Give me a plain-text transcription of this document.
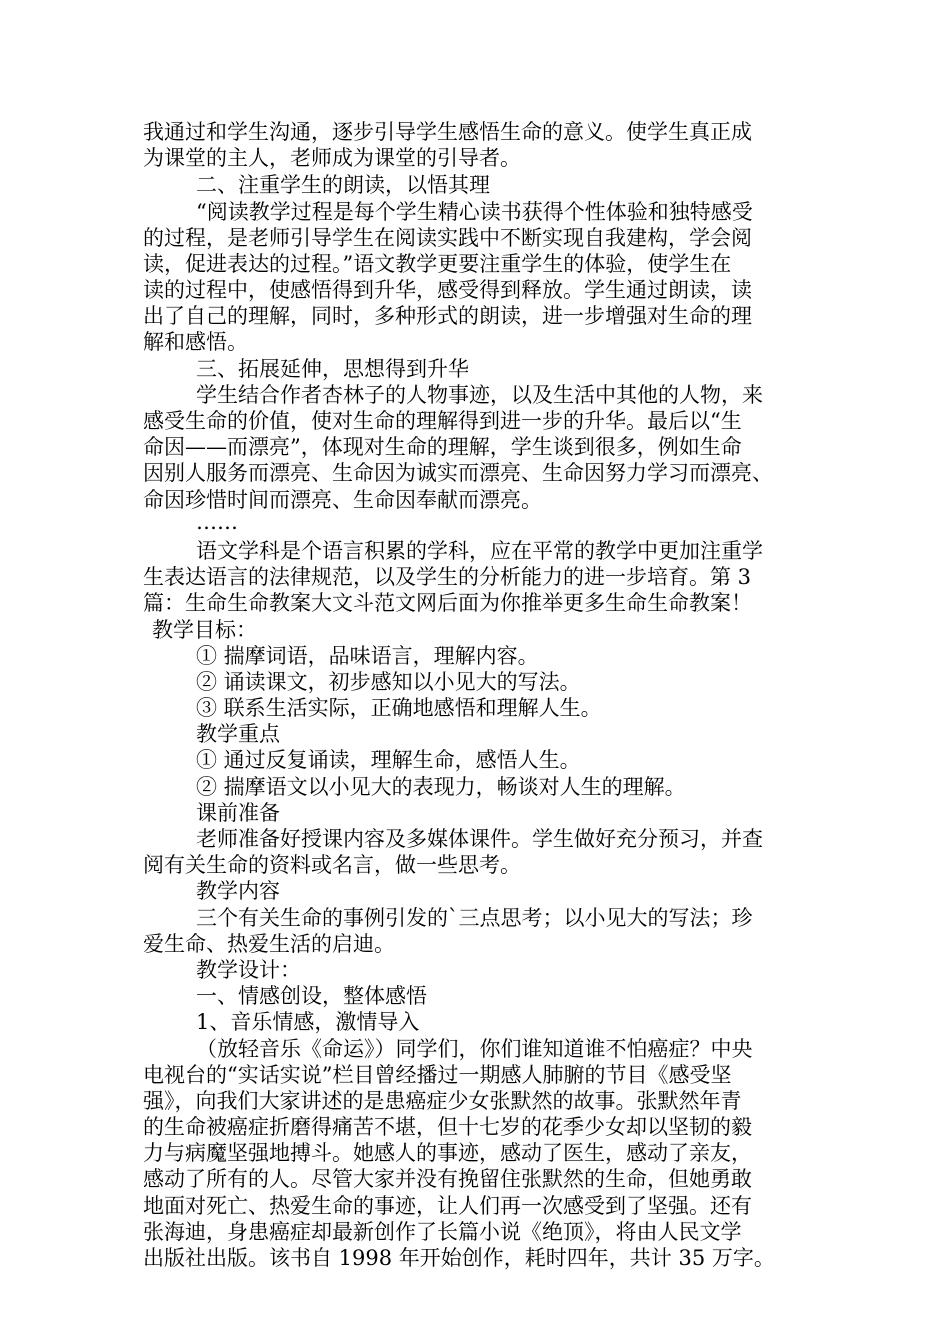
我通过和学生沟通，逐步引导学生感悟生命的意义。使学生真正成
为课堂的主人，老师成为课堂的引导者。
二、注重学生的朗读，以悟其理
“阅读教学过程是每个学生精心读书获得个性体验和独特感受
的过程，是老师引导学生在阅读实践中不断实现自我建构，学会阅
读，促进表达的过程。”语文教学更要注重学生的体验，使学生在
读的过程中，使感悟得到升华，感受得到释放。学生通过朗读，读
出了自己的理解，同时，多种形式的朗读，进一步增强对生命的理
解和感悟。
三、拓展延伸，思想得到升华
学生结合作者杏林子的人物事迹，以及生活中其他的人物，来
感受生命的价值，使对生命的理解得到进一步的升华。最后以“生
命因——而漂亮”，体现对生命的理解，学生谈到很多，例如生命
因别人服务而漂亮、生命因为诚实而漂亮、生命因努力学习而漂亮、
命因珍惜时间而漂亮、生命因奉献而漂亮。
……
语文学科是个语言积累的学科，应在平常的教学中更加注重学
生表达语言的法律规范，以及学生的分析能力的进一步培育。第 3
篇：生命生命教案大文斗范文网后面为你推举更多生命生命教案！
教学目标：
① 揣摩词语，品味语言，理解内容。
② 诵读课文，初步感知以小见大的写法。
③ 联系生活实际，正确地感悟和理解人生。
教学重点
① 通过反复诵读，理解生命，感悟人生。
② 揣摩语文以小见大的表现力，畅谈对人生的理解。
课前准备
老师准备好授课内容及多媒体课件。学生做好充分预习，并查
阅有关生命的资料或名言，做一些思考。
教学内容
三个有关生命的事例引发的`三点思考；以小见大的写法；珍
爱生命、热爱生活的启迪。
教学设计：
一、情感创设，整体感悟
1、音乐情感，激情导入
（放轻音乐《命运》）同学们，你们谁知道谁不怕癌症？中央
电视台的“实话实说”栏目曾经播过一期感人肺腑的节目《感受坚
强》，向我们大家讲述的是患癌症少女张默然的故事。张默然年青
的生命被癌症折磨得痛苦不堪，但十七岁的花季少女却以坚韧的毅
力与病魔坚强地搏斗。她感人的事迹，感动了医生，感动了亲友，
感动了所有的人。尽管大家并没有挽留住张默然的生命，但她勇敢
地面对死亡、热爱生命的事迹，让人们再一次感受到了坚强。还有
张海迪，身患癌症却最新创作了长篇小说《绝顶》，将由人民文学
出版社出版。该书自 1998 年开始创作，耗时四年，共计 35 万字。
